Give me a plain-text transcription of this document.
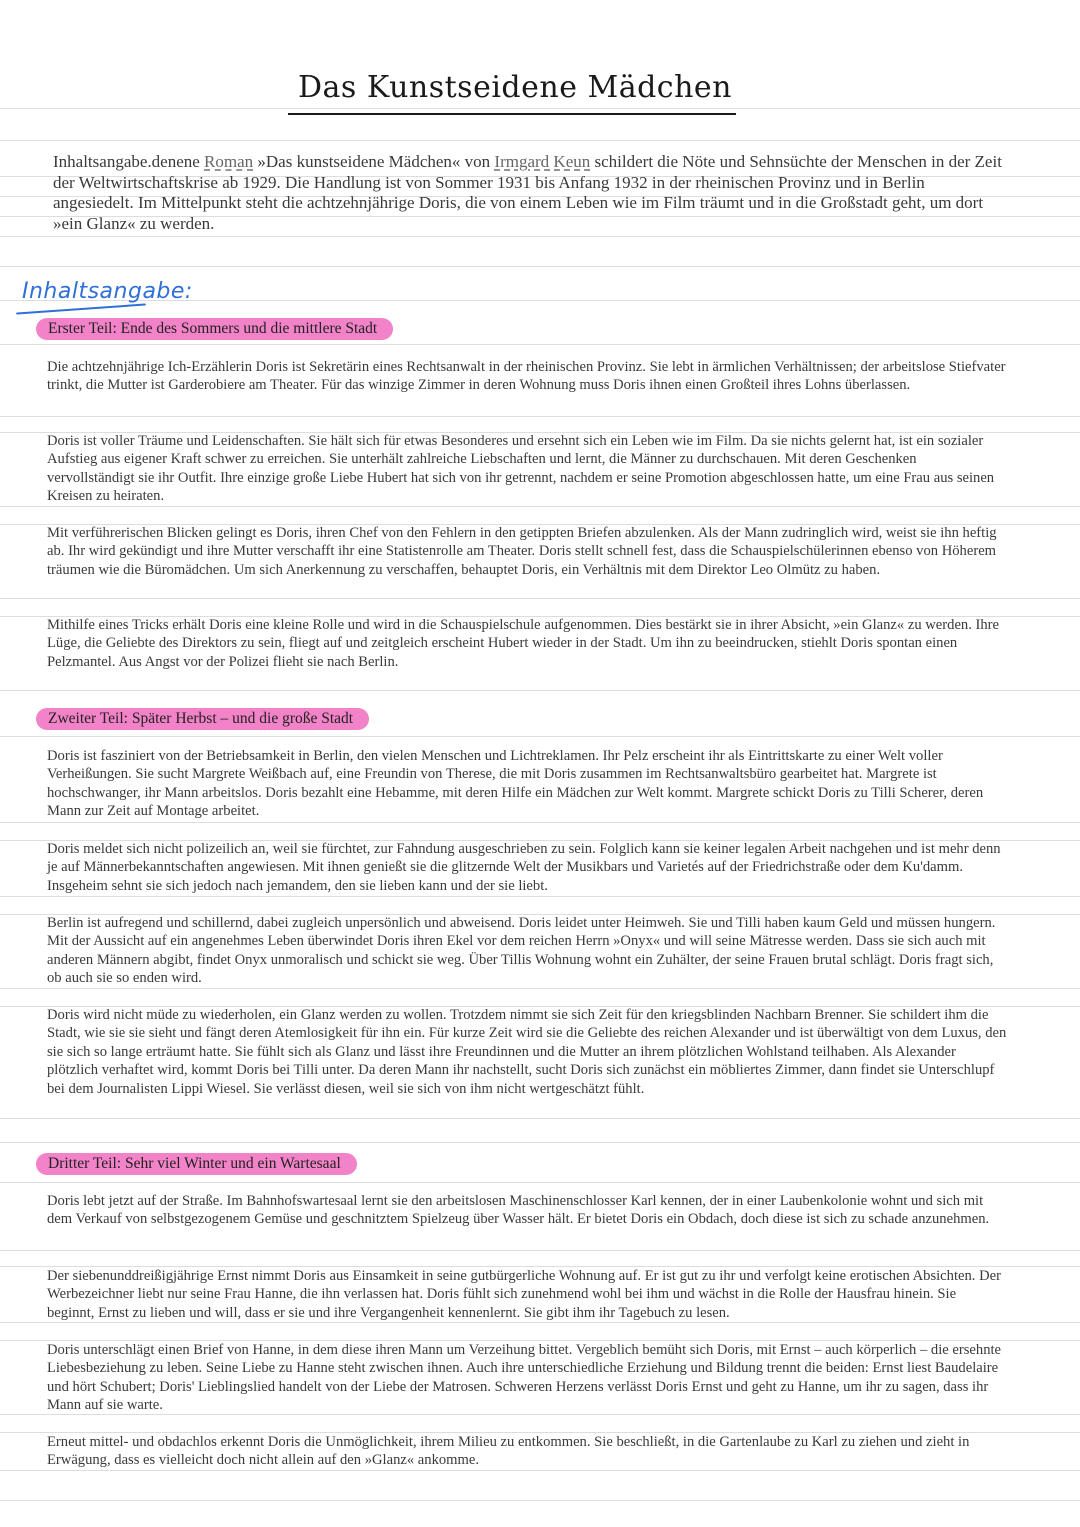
Das Kunstseidene Mädchen
Inhaltsangabe.denene Roman »Das kunstseidene Mädchen« von Irmgard Keun schildert die Nöte und Sehnsüchte der Menschen in der Zeit der Weltwirtschaftskrise ab 1929. Die Handlung ist von Sommer 1931 bis Anfang 1932 in der rheinischen Provinz und in Berlin angesiedelt. Im Mittelpunkt steht die achtzehnjährige Doris, die von einem Leben wie im Film träumt und in die Großstadt geht, um dort »ein Glanz« zu werden.
Inhaltsangabe:
Erster Teil: Ende des Sommers und die mittlere Stadt
Die achtzehnjährige Ich-Erzählerin Doris ist Sekretärin eines Rechtsanwalt in der rheinischen Provinz. Sie lebt in ärmlichen Verhältnissen; der arbeitslose Stiefvater trinkt, die Mutter ist Garderobiere am Theater. Für das winzige Zimmer in deren Wohnung muss Doris ihnen einen Großteil ihres Lohns überlassen.
Doris ist voller Träume und Leidenschaften. Sie hält sich für etwas Besonderes und ersehnt sich ein Leben wie im Film. Da sie nichts gelernt hat, ist ein sozialer Aufstieg aus eigener Kraft schwer zu erreichen. Sie unterhält zahlreiche Liebschaften und lernt, die Männer zu durchschauen. Mit deren Geschenken vervollständigt sie ihr Outfit. Ihre einzige große Liebe Hubert hat sich von ihr getrennt, nachdem er seine Promotion abgeschlossen hatte, um eine Frau aus seinen Kreisen zu heiraten.
Mit verführerischen Blicken gelingt es Doris, ihren Chef von den Fehlern in den getippten Briefen abzulenken. Als der Mann zudringlich wird, weist sie ihn heftig ab. Ihr wird gekündigt und ihre Mutter verschafft ihr eine Statistenrolle am Theater. Doris stellt schnell fest, dass die Schauspielschülerinnen ebenso von Höherem träumen wie die Büromädchen. Um sich Anerkennung zu verschaffen, behauptet Doris, ein Verhältnis mit dem Direktor Leo Olmütz zu haben.
Mithilfe eines Tricks erhält Doris eine kleine Rolle und wird in die Schauspielschule aufgenommen. Dies bestärkt sie in ihrer Absicht, »ein Glanz« zu werden. Ihre Lüge, die Geliebte des Direktors zu sein, fliegt auf und zeitgleich erscheint Hubert wieder in der Stadt. Um ihn zu beeindrucken, stiehlt Doris spontan einen Pelzmantel. Aus Angst vor der Polizei flieht sie nach Berlin.
Zweiter Teil: Später Herbst – und die große Stadt
Doris ist fasziniert von der Betriebsamkeit in Berlin, den vielen Menschen und Lichtreklamen. Ihr Pelz erscheint ihr als Eintrittskarte zu einer Welt voller Verheißungen. Sie sucht Margrete Weißbach auf, eine Freundin von Therese, die mit Doris zusammen im Rechtsanwaltsbüro gearbeitet hat. Margrete ist hochschwanger, ihr Mann arbeitslos. Doris bezahlt eine Hebamme, mit deren Hilfe ein Mädchen zur Welt kommt. Margrete schickt Doris zu Tilli Scherer, deren Mann zur Zeit auf Montage arbeitet.
Doris meldet sich nicht polizeilich an, weil sie fürchtet, zur Fahndung ausgeschrieben zu sein. Folglich kann sie keiner legalen Arbeit nachgehen und ist mehr denn je auf Männerbekanntschaften angewiesen. Mit ihnen genießt sie die glitzernde Welt der Musikbars und Varietés auf der Friedrichstraße oder dem Ku'damm. Insgeheim sehnt sie sich jedoch nach jemandem, den sie lieben kann und der sie liebt.
Berlin ist aufregend und schillernd, dabei zugleich unpersönlich und abweisend. Doris leidet unter Heimweh. Sie und Tilli haben kaum Geld und müssen hungern. Mit der Aussicht auf ein angenehmes Leben überwindet Doris ihren Ekel vor dem reichen Herrn »Onyx« und will seine Mätresse werden. Dass sie sich auch mit anderen Männern abgibt, findet Onyx unmoralisch und schickt sie weg. Über Tillis Wohnung wohnt ein Zuhälter, der seine Frauen brutal schlägt. Doris fragt sich, ob auch sie so enden wird.
Doris wird nicht müde zu wiederholen, ein Glanz werden zu wollen. Trotzdem nimmt sie sich Zeit für den kriegsblinden Nachbarn Brenner. Sie schildert ihm die Stadt, wie sie sie sieht und fängt deren Atemlosigkeit für ihn ein. Für kurze Zeit wird sie die Geliebte des reichen Alexander und ist überwältigt von dem Luxus, den sie sich so lange erträumt hatte. Sie fühlt sich als Glanz und lässt ihre Freundinnen und die Mutter an ihrem plötzlichen Wohlstand teilhaben. Als Alexander plötzlich verhaftet wird, kommt Doris bei Tilli unter. Da deren Mann ihr nachstellt, sucht Doris sich zunächst ein möbliertes Zimmer, dann findet sie Unterschlupf bei dem Journalisten Lippi Wiesel. Sie verlässt diesen, weil sie sich von ihm nicht wertgeschätzt fühlt.
Dritter Teil: Sehr viel Winter und ein Wartesaal
Doris lebt jetzt auf der Straße. Im Bahnhofswartesaal lernt sie den arbeitslosen Maschinenschlosser Karl kennen, der in einer Laubenkolonie wohnt und sich mit dem Verkauf von selbstgezogenem Gemüse und geschnitztem Spielzeug über Wasser hält. Er bietet Doris ein Obdach, doch diese ist sich zu schade anzunehmen.
Der siebenunddreißigjährige Ernst nimmt Doris aus Einsamkeit in seine gutbürgerliche Wohnung auf. Er ist gut zu ihr und verfolgt keine erotischen Absichten. Der Werbezeichner liebt nur seine Frau Hanne, die ihn verlassen hat. Doris fühlt sich zunehmend wohl bei ihm und wächst in die Rolle der Hausfrau hinein. Sie beginnt, Ernst zu lieben und will, dass er sie und ihre Vergangenheit kennenlernt. Sie gibt ihm ihr Tagebuch zu lesen.
Doris unterschlägt einen Brief von Hanne, in dem diese ihren Mann um Verzeihung bittet. Vergeblich bemüht sich Doris, mit Ernst – auch körperlich – die ersehnte Liebesbeziehung zu leben. Seine Liebe zu Hanne steht zwischen ihnen. Auch ihre unterschiedliche Erziehung und Bildung trennt die beiden: Ernst liest Baudelaire und hört Schubert; Doris' Lieblingslied handelt von der Liebe der Matrosen. Schweren Herzens verlässt Doris Ernst und geht zu Hanne, um ihr zu sagen, dass ihr Mann auf sie warte.
Erneut mittel- und obdachlos erkennt Doris die Unmöglichkeit, ihrem Milieu zu entkommen. Sie beschließt, in die Gartenlaube zu Karl zu ziehen und zieht in Erwägung, dass es vielleicht doch nicht allein auf den »Glanz« ankomme.
